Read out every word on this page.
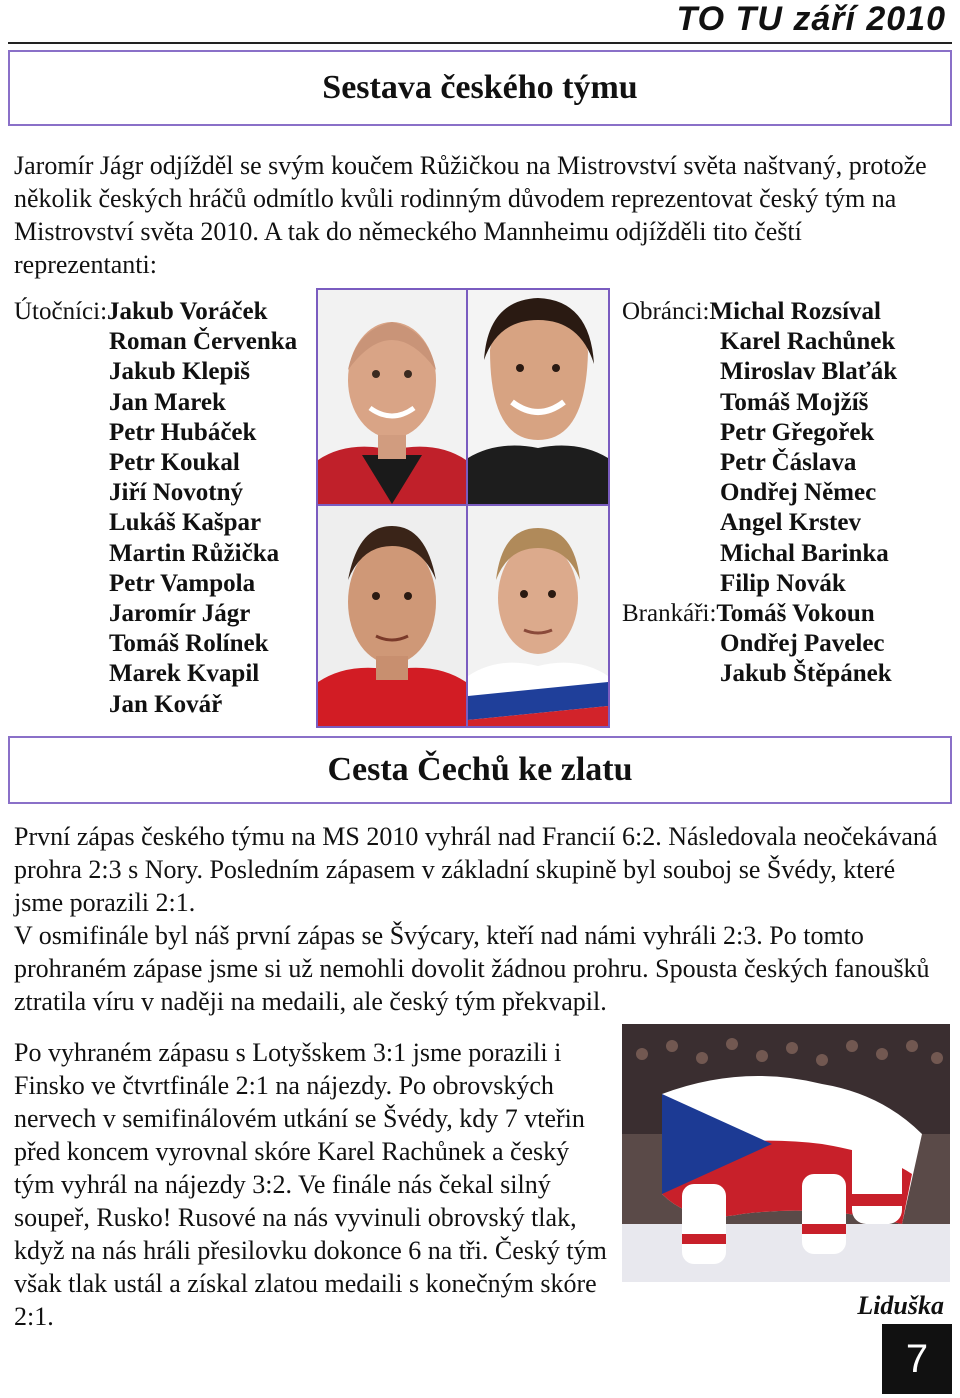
TO TU září 2010
Sestava českého týmu

Jaromír Jágr odjížděl se svým koučem Růžičkou na Mistrovství světa naštvaný, protože několik českých hráčů odmítlo kvůli rodinným důvodem reprezentovat český tým na Mistrovství světa 2010. A tak do německého Mannheimu odjížděli tito čeští reprezentanti:

Útočníci:Jakub Voráček
Roman Červenka
Jakub Klepiš
Jan Marek
Petr Hubáček
Petr Koukal
Jiří Novotný
Lukáš Kašpar
Martin Růžička
Petr Vampola
Jaromír Jágr
Tomáš Rolínek
Marek Kvapil
Jan Kovář
Obránci:Michal Rozsíval
Karel Rachůnek
Miroslav Blaťák
Tomáš Mojžíš
Petr Gřegořek
Petr Čáslava
Ondřej Němec
Angel Krstev
Michal Barinka
Filip Novák
Brankáři:Tomáš Vokoun
Ondřej Pavelec
Jakub Štěpánek
Cesta Čechů ke zlatu

První zápas českého týmu na MS 2010 vyhrál nad Francií 6:2. Následovala neočekávaná prohra 2:3 s Nory. Posledním zápasem v základní skupině byl souboj se Švédy, které jsme porazili 2:1.

V osmifinále byl náš první zápas se Švýcary, kteří nad námi vyhráli 2:3. Po tomto prohraném zápase jsme si už nemohli dovolit žádnou prohru. Spousta českých fanoušků ztratila víru v naději na medaili, ale český tým překvapil.

Po vyhraném zápasu s Lotyšskem 3:1 jsme porazili i Finsko ve čtvrtfinále 2:1 na nájezdy. Po obrovských nervech v semifinálovém utkání se Švédy, kdy 7 vteřin před koncem vyrovnal skóre Karel Rachůnek a český tým vyhrál na nájezdy 3:2. Ve finále nás čekal silný soupeř, Rusko! Rusové na nás vyvinuli obrovský tlak, když na nás hráli přesilovku dokonce 6 na tři. Český tým však tlak ustál a získal zlatou medaili s konečným skóre 2:1.	Liduška
7
